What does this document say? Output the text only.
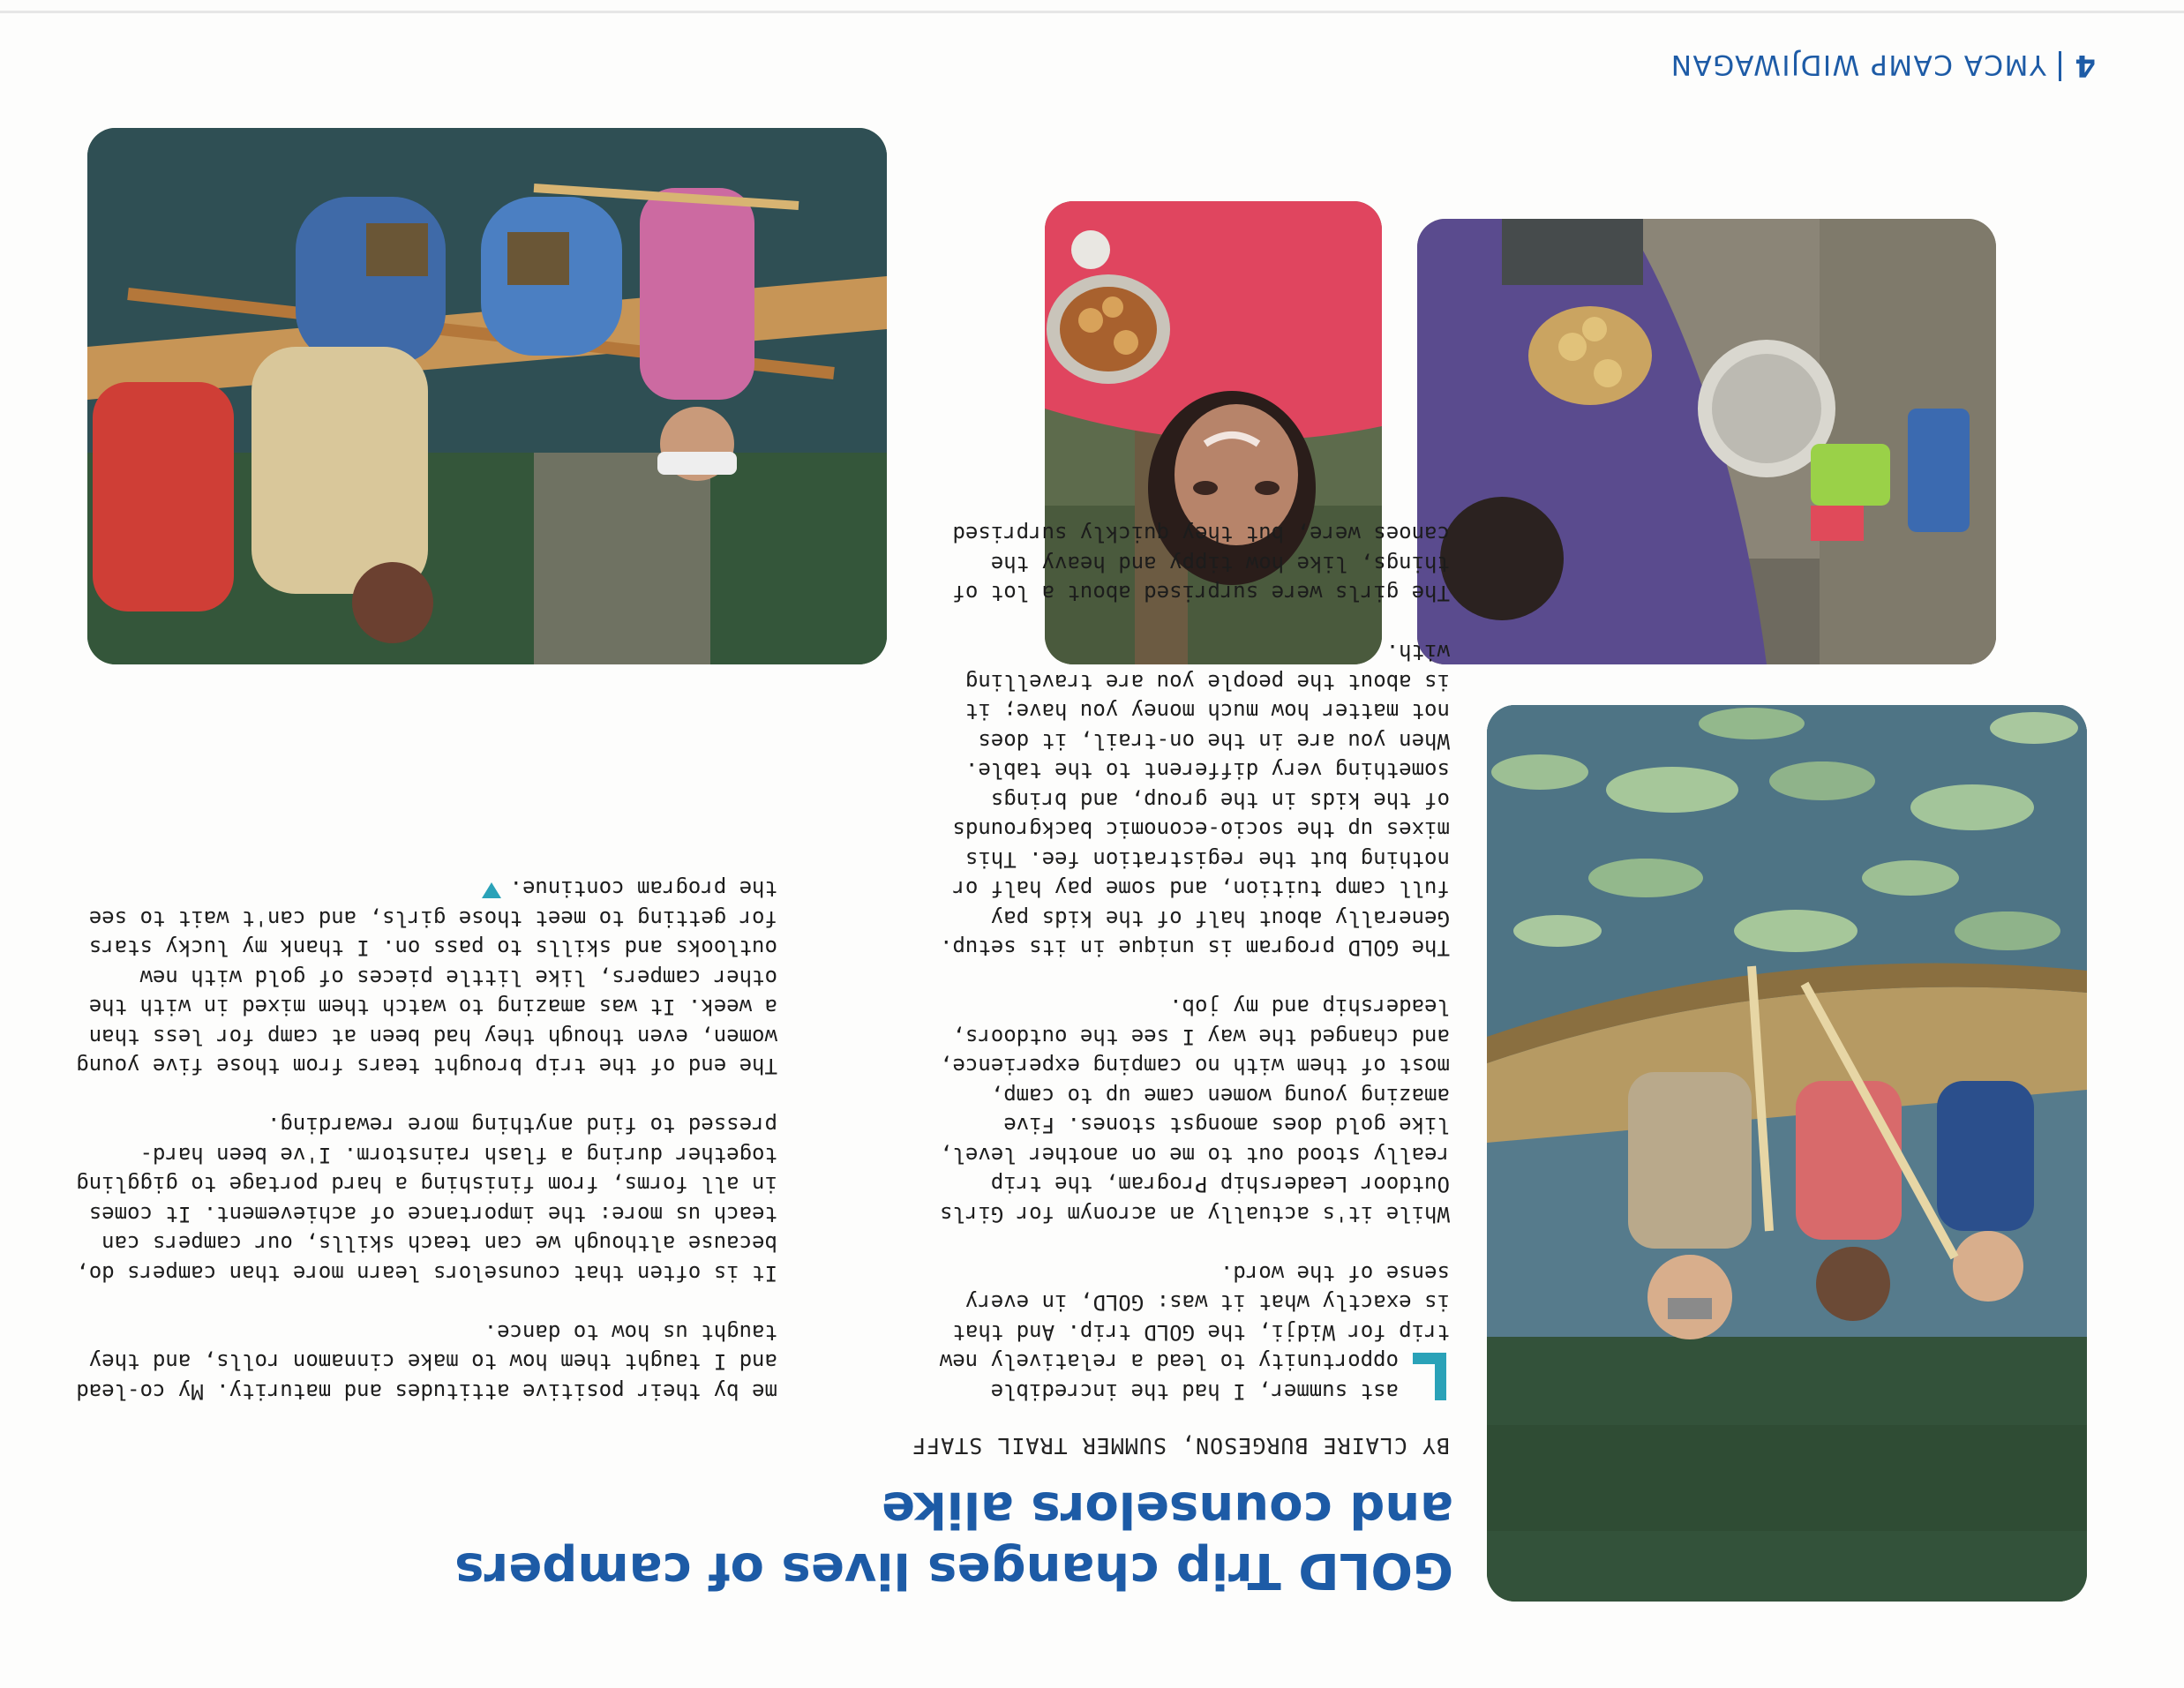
4YMCA CAMP WIDJIWAGAN
GOLD Trip changes lives of campers
and counselors alike
BY CLAIRE BURGESON, SUMMER TRAIL STAFF

ast summer, I had the incredible opportunity to lead a relatively new trip for Widji, the GOLD trip. And that is exactly what it was: GOLD, in every sense of the word.

While it's actually an acronym for Girls Outdoor Leadership Program, the trip really stood out to me on another level, like gold does amongst stones. Five amazing young women came up to camp, most of them with no camping experience, and changed the way I see the outdoors, leadership and my job.

The GOLD program is unique in its setup. Generally about half of the kids pay full camp tuition, and some pay half or nothing but the registration fee. This mixes up the socio-economic backgrounds of the kids in the group, and brings something very different to the table. When you are in the on-trail, it does not matter how much money you have; it is about the people you are travelling with.

The girls were surprised about a lot of things, like how tippy and heavy the canoes were, but they quickly surprised

me by their positive attitudes and maturity. My co-lead and I taught them how to make cinnamon rolls, and they taught us how to dance.

It is often that counselors learn more than campers do, because although we can teach skills, our campers can teach us more: the importance of achievement. It comes in all forms, from finishing a hard portage to giggling together during a flash rainstorm. I've been hard-pressed to find anything more rewarding.

The end of the trip brought tears from those five young women, even though they had been at camp for less than a week. It was amazing to watch them mixed in with the other campers, like little pieces of gold with new outlooks and skills to pass on. I thank my lucky stars for getting to meet those girls, and can't wait to see the program continue.
